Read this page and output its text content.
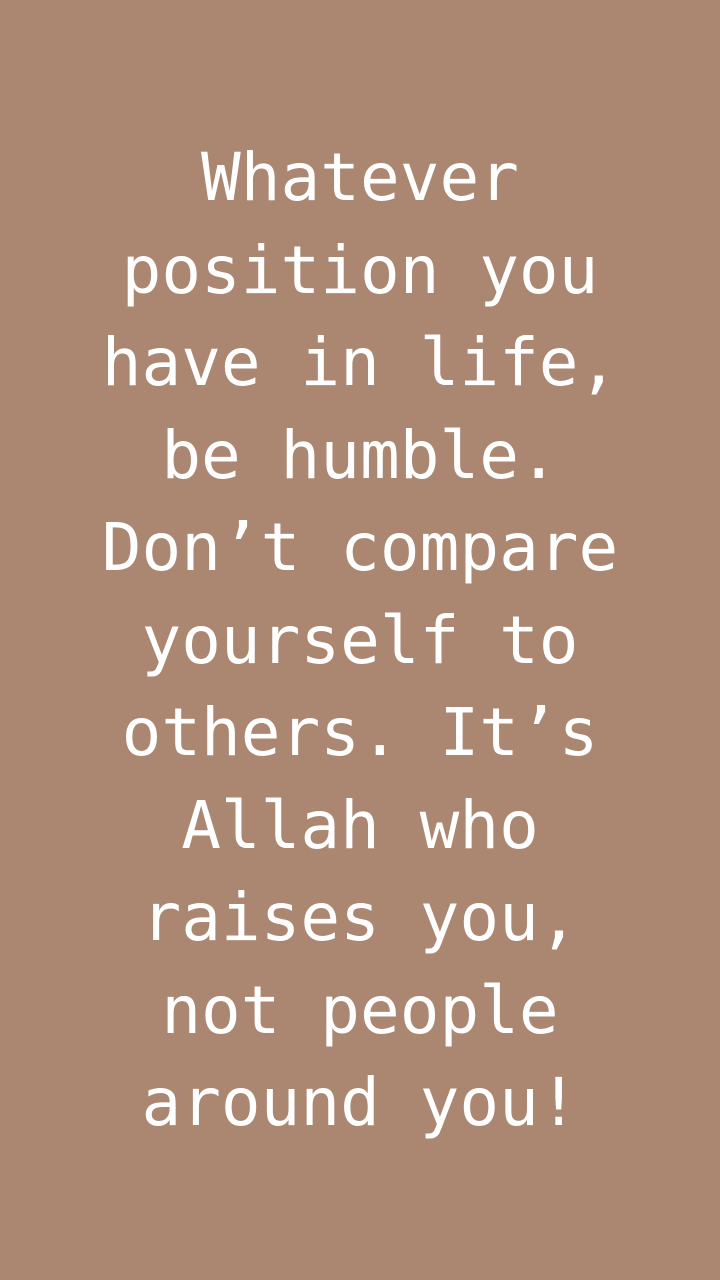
Whatever
position you
have in life,
be humble.
Don’t compare
yourself to
others. It’s
Allah who
raises you,
not people
around you!
